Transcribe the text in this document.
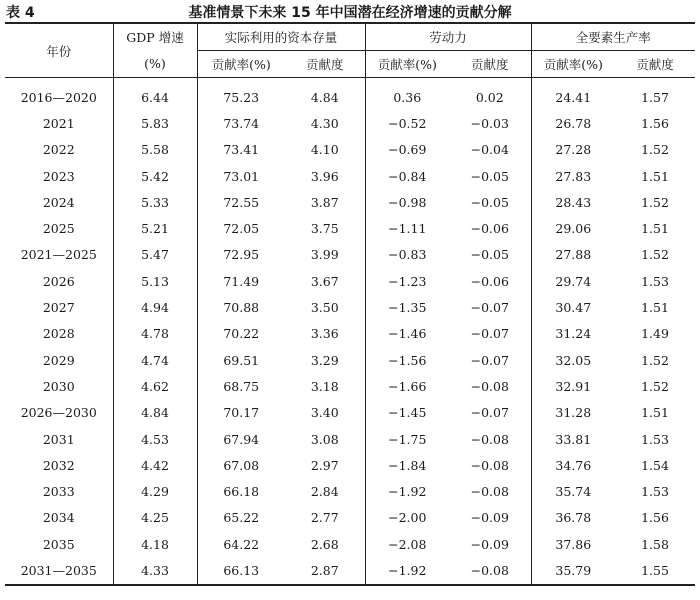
表 4	基准情景下未来 15 年中国潜在经济增速的贡献分解
年份	GDP 增速	实际利用的资本存量		劳动力		全要素生产率	
	(%)	贡献率(%)	贡献度	贡献率(%)	贡献度	贡献率(%)	贡献度
2016—2020	6.44	75.23	4.84	0.36	0.02	24.41	1.57
2021	5.83	73.74	4.30	−0.52	−0.03	26.78	1.56
2022	5.58	73.41	4.10	−0.69	−0.04	27.28	1.52
2023	5.42	73.01	3.96	−0.84	−0.05	27.83	1.51
2024	5.33	72.55	3.87	−0.98	−0.05	28.43	1.52
2025	5.21	72.05	3.75	−1.11	−0.06	29.06	1.51
2021—2025	5.47	72.95	3.99	−0.83	−0.05	27.88	1.52
2026	5.13	71.49	3.67	−1.23	−0.06	29.74	1.53
2027	4.94	70.88	3.50	−1.35	−0.07	30.47	1.51
2028	4.78	70.22	3.36	−1.46	−0.07	31.24	1.49
2029	4.74	69.51	3.29	−1.56	−0.07	32.05	1.52
2030	4.62	68.75	3.18	−1.66	−0.08	32.91	1.52
2026—2030	4.84	70.17	3.40	−1.45	−0.07	31.28	1.51
2031	4.53	67.94	3.08	−1.75	−0.08	33.81	1.53
2032	4.42	67.08	2.97	−1.84	−0.08	34.76	1.54
2033	4.29	66.18	2.84	−1.92	−0.08	35.74	1.53
2034	4.25	65.22	2.77	−2.00	−0.09	36.78	1.56
2035	4.18	64.22	2.68	−2.08	−0.09	37.86	1.58
2031—2035	4.33	66.13	2.87	−1.92	−0.08	35.79	1.55
